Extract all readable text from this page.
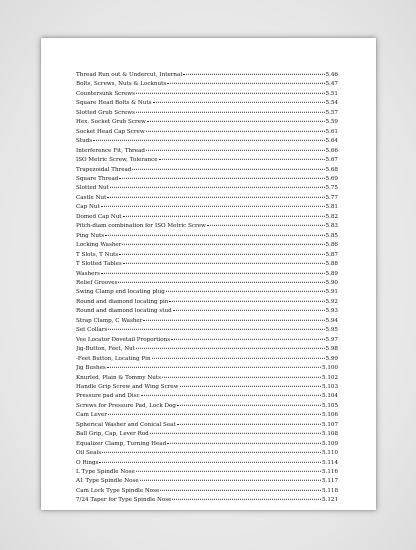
Thread Run out & Undercut, Internal	5.46
Bolts, Screws, Nuts & Locknuts	5.47
Countersunk Screws	5.51
Square Head Bolts & Nuts	5.54
Slotted Grub Screws	5.57
Hex. Socket Grub Screw	5.59
Socket Head Cap Screw	5.61
Studs	5.64
Interference Fit, Thread	5.66
ISO Metric Screw, Tolerance	5.67
Trapezoidal Thread	5.68
Square Thread	5.69
Slotted Nut	5.75
Castle Nut	5.77
Cap Nut	5.81
Domed Cap Nut	5.82
Pitch-diam combination for ISO Metric Screw	5.83
Ping Nuts	5.85
Locking Washer	5.86
T Slots, T Nuts	5.87
T Slotted Tables	5.88
Washers	5.89
Relief Grooves	5.90
Swing Clamp end locating plug	5.91
Round and diamond locating pin	5.92
Round and diamond locating stud	5.93
Strap Clamp, C Washer	5.94
Set Collars	5.95
Vee Locator Dovetail Proportions	5.97
Jig-Button, Feet, Nut	5.98
-Feet Button, Locating Pin	5.99
Jig Bushes	5.100
Knurled, Plain & Tommy Nuts	5.102
Handle Grip Screw and Wing Screw	5.103
Pressure pad and Disc	5.104
Screws for Pressure Pad, Lock Dog	5.105
Cam Lever	5.106
Spherical Washer and Conical Seat	5.107
Ball Grip, Cap, Lever Rod	5.108
Equalizer Clamp, Turning Head	5.109
Oil Seals	5.110
O Rings	5.114
L Type Spindle Nose	5.116
A1 Type Spindle Nose	5.117
Cam Lock Type Spindle Nose	5.118
7/24 Taper for Type Spindle Nose	5.121
